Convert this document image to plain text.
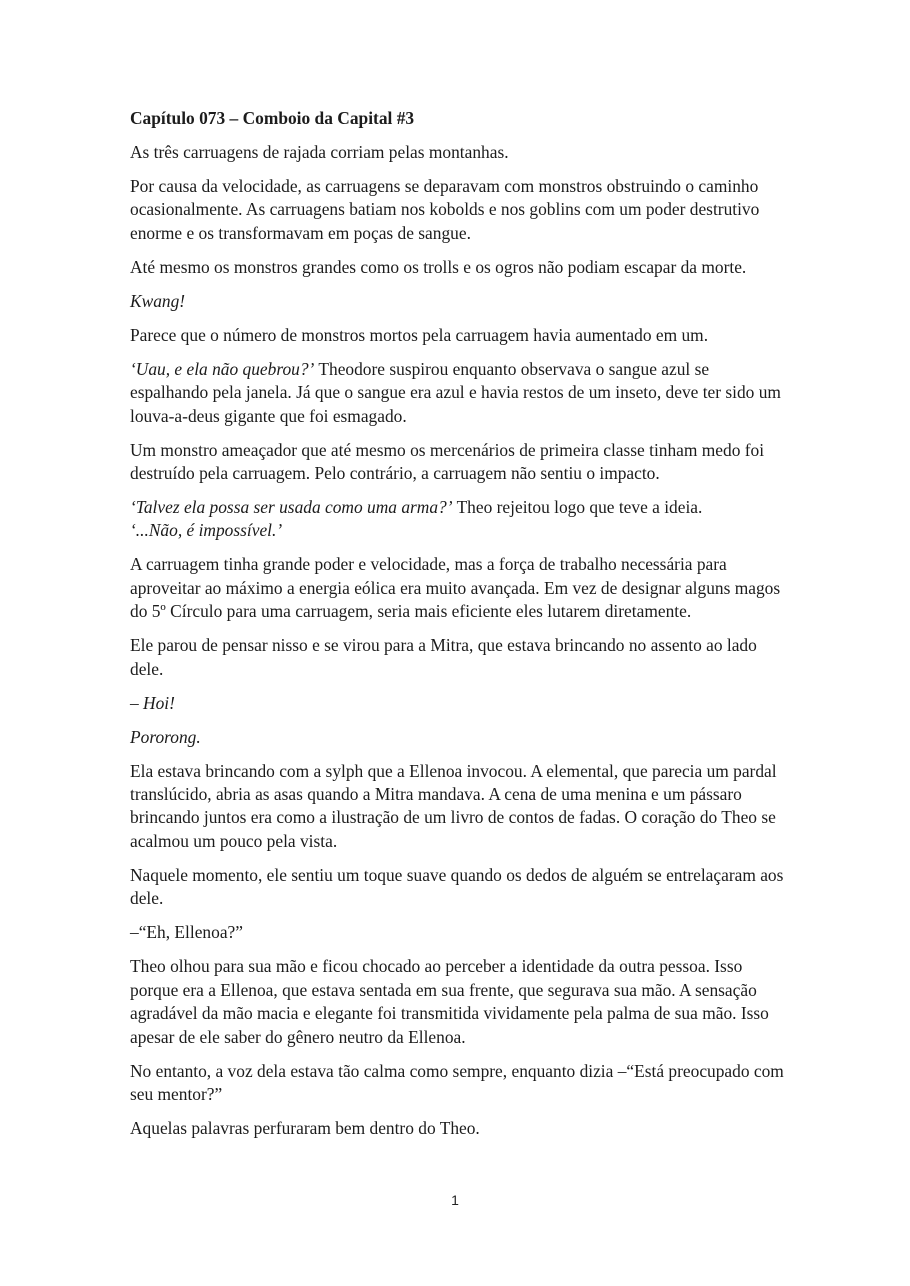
Capítulo 073 – Comboio da Capital #3

As três carruagens de rajada corriam pelas montanhas.

Por causa da velocidade, as carruagens se deparavam com monstros obstruindo o caminho ocasionalmente. As carruagens batiam nos kobolds e nos goblins com um poder destrutivo enorme e os transformavam em poças de sangue.

Até mesmo os monstros grandes como os trolls e os ogros não podiam escapar da morte.

Kwang!

Parece que o número de monstros mortos pela carruagem havia aumentado em um.

‘Uau, e ela não quebrou?’ Theodore suspirou enquanto observava o sangue azul se espalhando pela janela. Já que o sangue era azul e havia restos de um inseto, deve ter sido um louva-a-deus gigante que foi esmagado.

Um monstro ameaçador que até mesmo os mercenários de primeira classe tinham medo foi destruído pela carruagem. Pelo contrário, a carruagem não sentiu o impacto.

‘Talvez ela possa ser usada como uma arma?’ Theo rejeitou logo que teve a ideia.
‘...Não, é impossível.’

A carruagem tinha grande poder e velocidade, mas a força de trabalho necessária para aproveitar ao máximo a energia eólica era muito avançada. Em vez de designar alguns magos do 5º Círculo para uma carruagem, seria mais eficiente eles lutarem diretamente.

Ele parou de pensar nisso e se virou para a Mitra, que estava brincando no assento ao lado dele.

– Hoi!

Pororong.

Ela estava brincando com a sylph que a Ellenoa invocou. A elemental, que parecia um pardal translúcido, abria as asas quando a Mitra mandava. A cena de uma menina e um pássaro brincando juntos era como a ilustração de um livro de contos de fadas. O coração do Theo se acalmou um pouco pela vista.

Naquele momento, ele sentiu um toque suave quando os dedos de alguém se entrelaçaram aos dele.

–“Eh, Ellenoa?”

Theo olhou para sua mão e ficou chocado ao perceber a identidade da outra pessoa. Isso porque era a Ellenoa, que estava sentada em sua frente, que segurava sua mão. A sensação agradável da mão macia e elegante foi transmitida vividamente pela palma de sua mão. Isso apesar de ele saber do gênero neutro da Ellenoa.

No entanto, a voz dela estava tão calma como sempre, enquanto dizia –“Está preocupado com seu mentor?”

Aquelas palavras perfuraram bem dentro do Theo.

1
